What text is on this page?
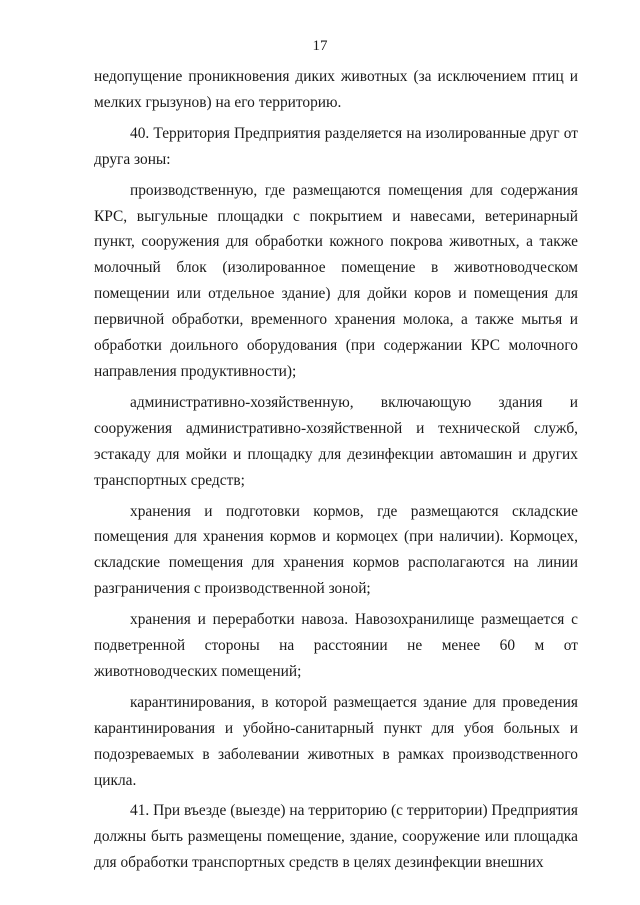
17

недопущение проникновения диких животных (за исключением птиц и мелких грызунов) на его территорию.

40. Территория Предприятия разделяется на изолированные друг от друга зоны:

производственную, где размещаются помещения для содержания КРС, выгульные площадки с покрытием и навесами, ветеринарный пункт, сооружения для обработки кожного покрова животных, а также молочный блок (изолированное помещение в животноводческом помещении или отдельное здание) для дойки коров и помещения для первичной обработки, временного хранения молока, а также мытья и обработки доильного оборудования (при содержании КРС молочного направления продуктивности);

административно-хозяйственную, включающую здания и сооружения административно-хозяйственной и технической служб, эстакаду для мойки и площадку для дезинфекции автомашин и других транспортных средств;

хранения и подготовки кормов, где размещаются складские помещения для хранения кормов и кормоцех (при наличии). Кормоцех, складские помещения для хранения кормов располагаются на линии разграничения с производственной зоной;

хранения и переработки навоза. Навозохранилище размещается с подветренной стороны на расстоянии не менее 60 м от животноводческих помещений;

карантинирования, в которой размещается здание для проведения карантинирования и убойно-санитарный пункт для убоя больных и подозреваемых в заболевании животных в рамках производственного цикла.

41. При въезде (выезде) на территорию (с территории) Предприятия должны быть размещены помещение, здание, сооружение или площадка для обработки транспортных средств в целях дезинфекции внешних
